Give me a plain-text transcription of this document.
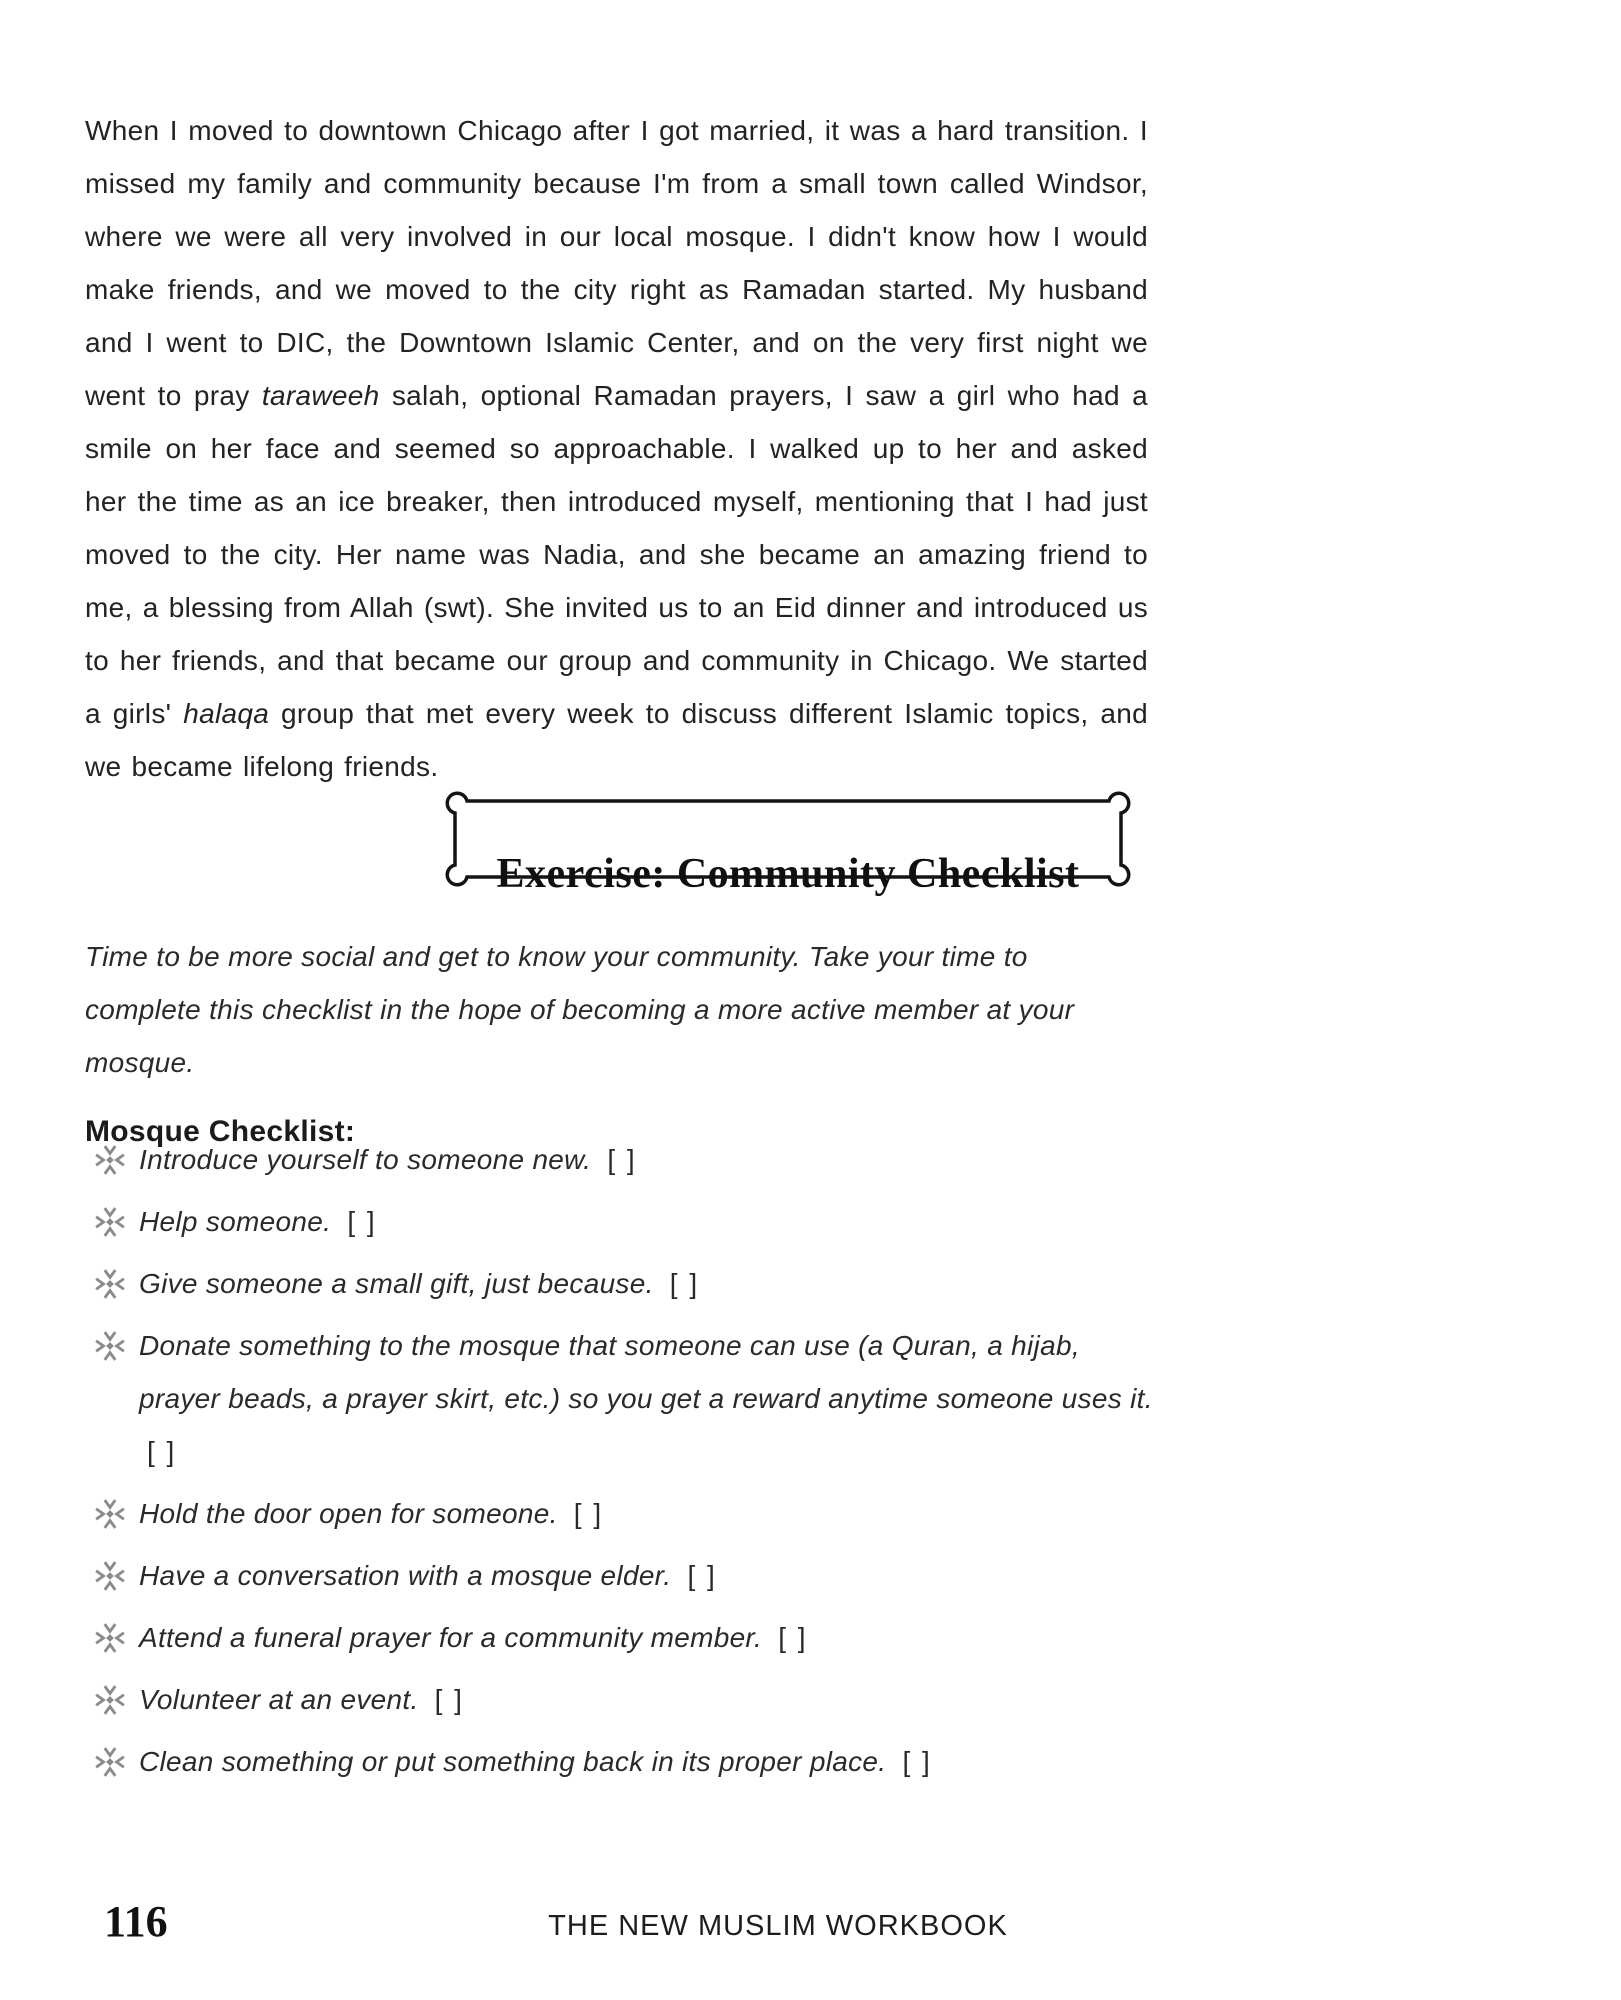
When I moved to downtown Chicago after I got married, it was a hard transition. I missed my family and community because I'm from a small town called Windsor, where we were all very involved in our local mosque. I didn't know how I would make friends, and we moved to the city right as Ramadan started. My husband and I went to DIC, the Downtown Islamic Center, and on the very first night we went to pray taraweeh salah, optional Ramadan prayers, I saw a girl who had a smile on her face and seemed so approachable. I walked up to her and asked her the time as an ice breaker, then introduced myself, mentioning that I had just moved to the city. Her name was Nadia, and she became an amazing friend to me, a blessing from Allah (swt). She invited us to an Eid dinner and introduced us to her friends, and that became our group and community in Chicago. We started a girls' halaqa group that met every week to discuss different Islamic topics, and we became lifelong friends.

Exercise: Community Checklist

Time to be more social and get to know your community. Take your time to complete this checklist in the hope of becoming a more active member at your mosque.

Mosque Checklist:
Introduce yourself to someone new. [ ]
Help someone. [ ]
Give someone a small gift, just because. [ ]
Donate something to the mosque that someone can use (a Quran, a hijab, prayer beads, a prayer skirt, etc.) so you get a reward anytime someone uses it. [ ]
Hold the door open for someone. [ ]
Have a conversation with a mosque elder. [ ]
Attend a funeral prayer for a community member. [ ]
Volunteer at an event. [ ]
Clean something or put something back in its proper place. [ ]
116	THE NEW MUSLIM WORKBOOK
